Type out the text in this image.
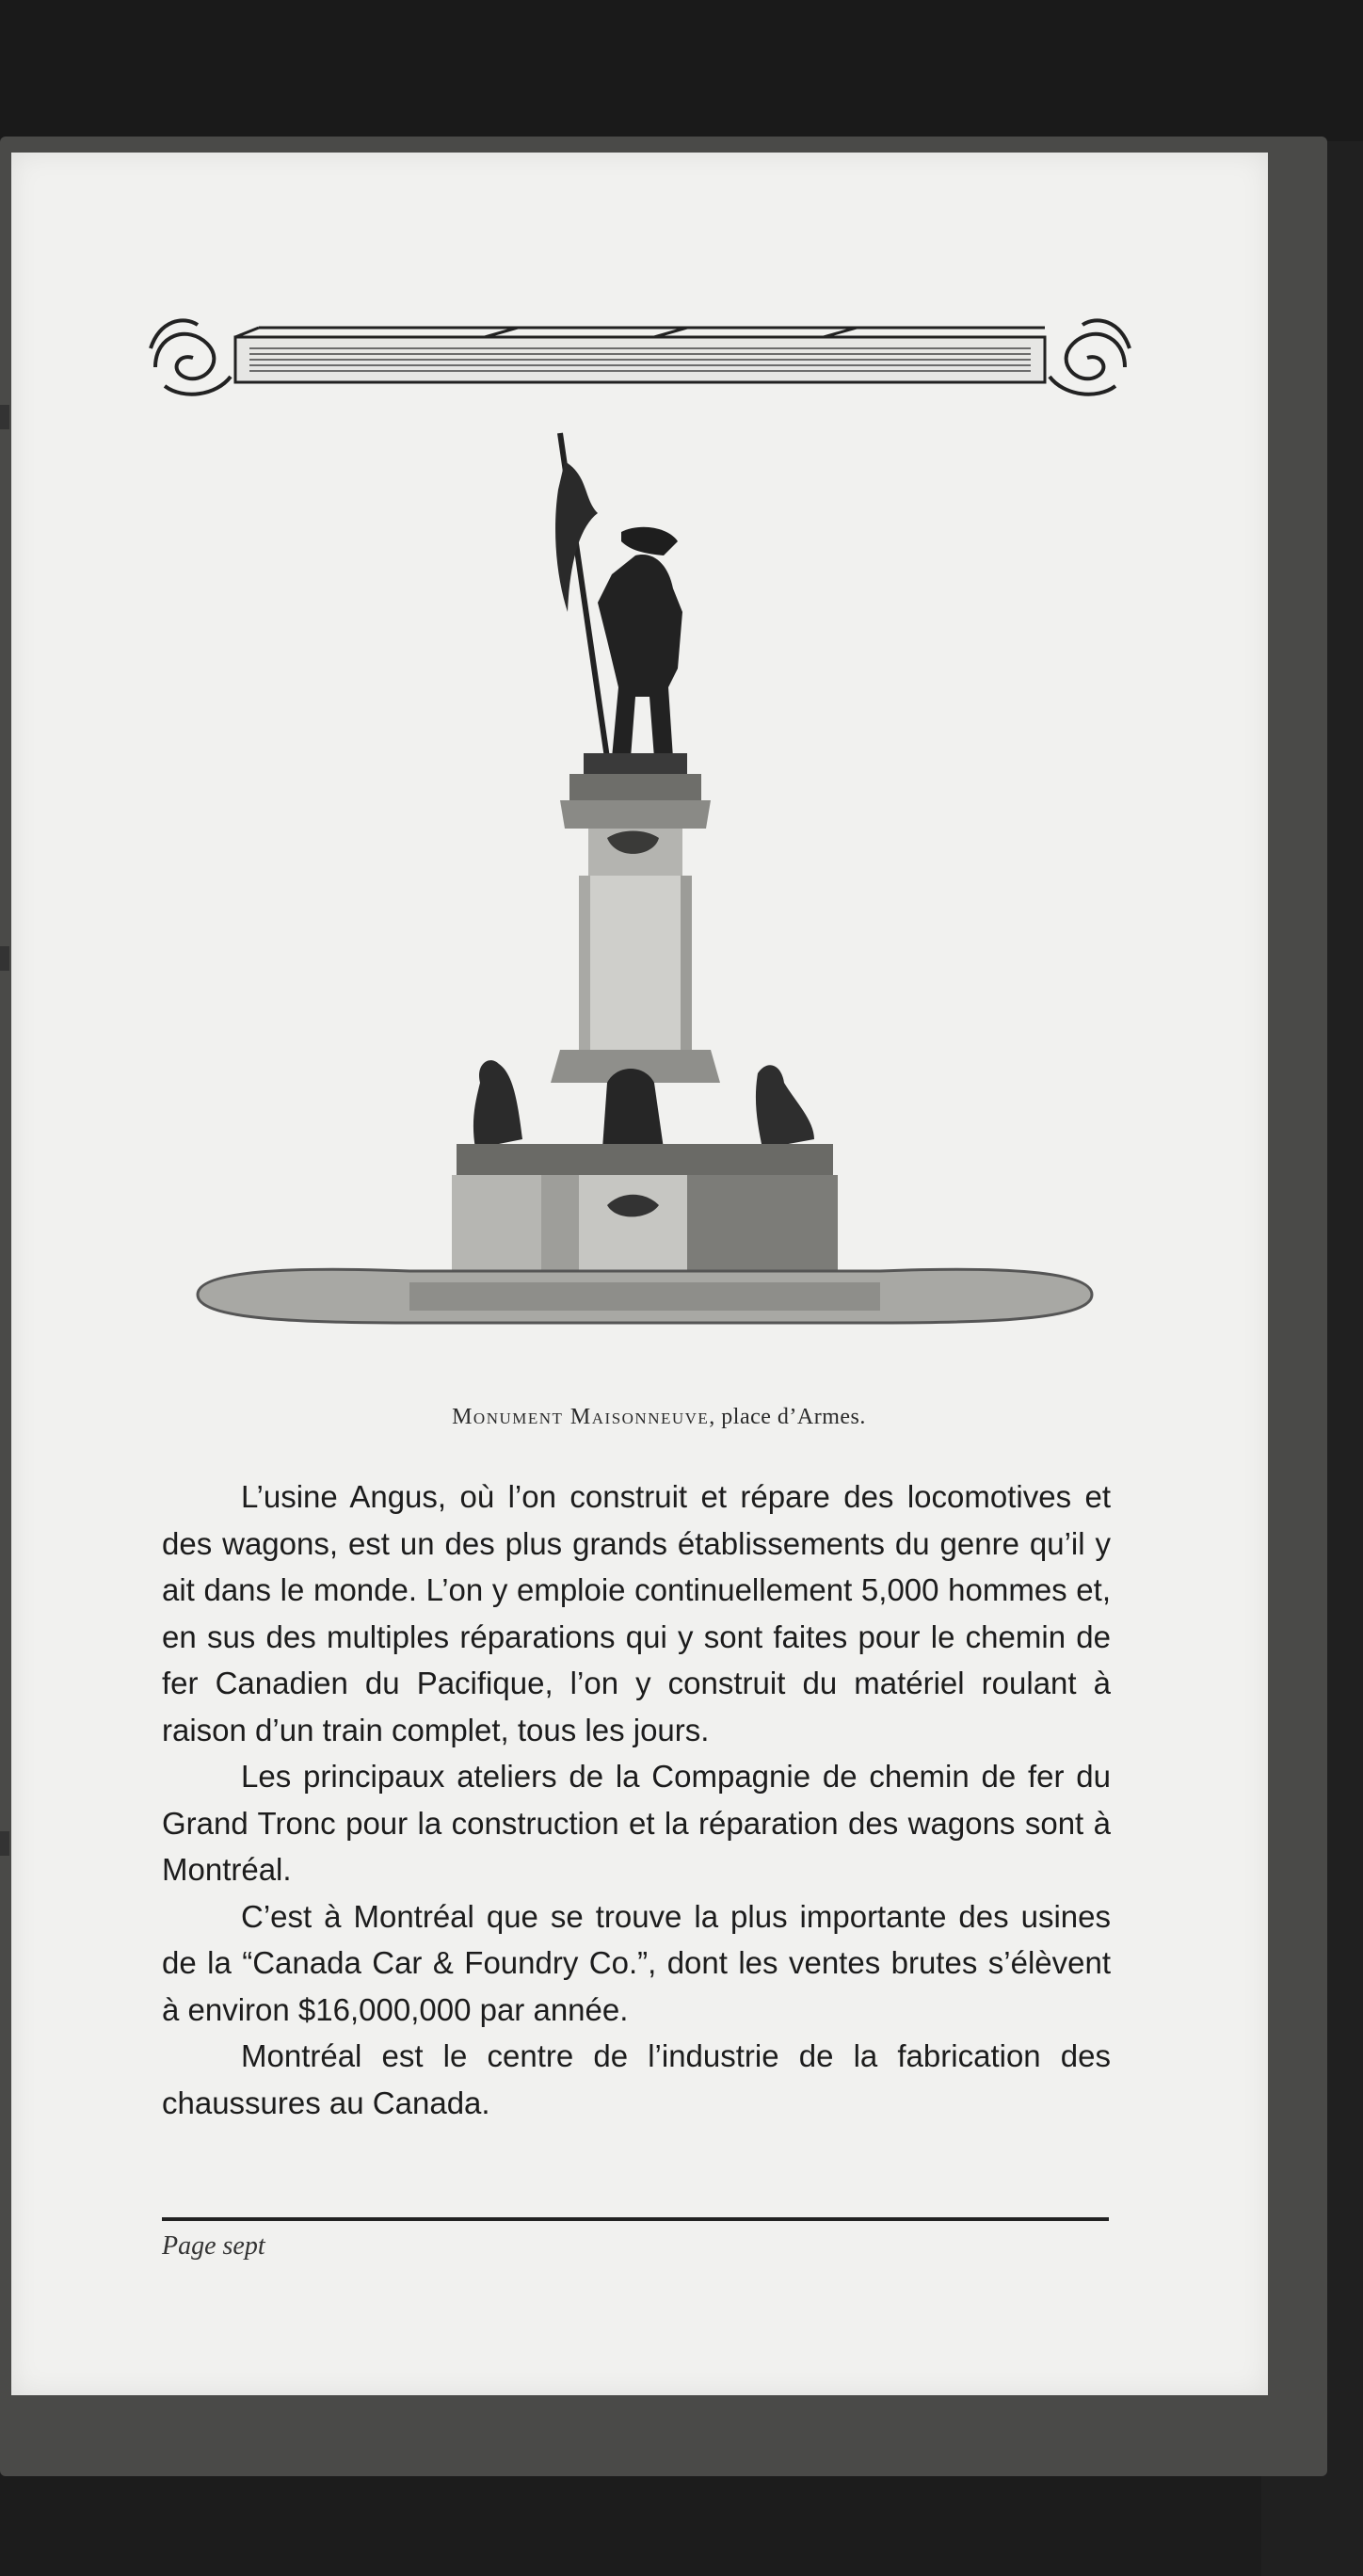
Monument Maisonneuve, place d’Armes.

L’usine Angus, où l’on construit et répare des locomotives et des wagons, est un des plus grands établissements du genre qu’il y ait dans le monde. L’on y emploie continuellement 5,000 hommes et, en sus des multiples réparations qui y sont faites pour le chemin de fer Canadien du Pacifique, l’on y construit du matériel roulant à raison d’un train complet, tous les jours.

Les principaux ateliers de la Compagnie de chemin de fer du Grand Tronc pour la construction et la réparation des wagons sont à Montréal.

C’est à Montréal que se trouve la plus importante des usines de la “Canada Car & Foundry Co.”, dont les ventes brutes s’élèvent à environ $16,000,000 par année.

Montréal est le centre de l’industrie de la fabrication des chaussures au Canada.

Page sept
